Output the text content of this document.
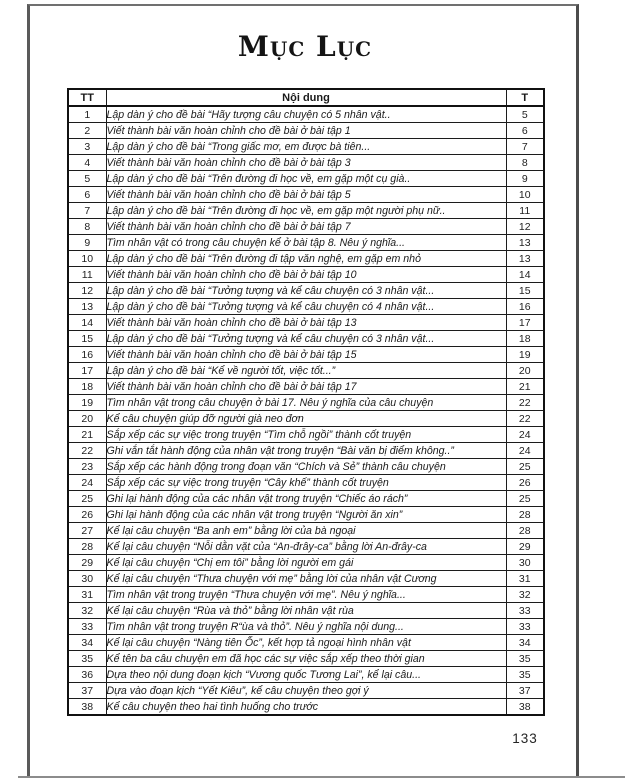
Mục Lục
TT	Nội dung	T
1	Lập dàn ý cho đề bài “Hãy tượng câu chuyện có 5 nhân vật..	5
2	Viết thành bài văn hoàn chỉnh cho đề bài ở bài tập 1	6
3	Lập dàn ý cho đề bài “Trong giấc mơ, em được bà tiên...	7
4	Viết thành bài văn hoàn chỉnh cho đề bài ở bài tập 3	8
5	Lập dàn ý cho đề bài “Trên đường đi học về, em gặp một cụ già..	9
6	Viết thành bài văn hoàn chỉnh cho đề bài ở bài tập 5	10
7	Lập dàn ý cho đề bài “Trên đường đi học về, em gặp một người phụ nữ..	11
8	Viết thành bài văn hoàn chỉnh cho đề bài ở bài tập 7	12
9	Tìm nhân vật có trong câu chuyện kể ở bài tập 8. Nêu ý nghĩa...	13
10	Lập dàn ý cho đề bài “Trên đường đi tập văn nghệ, em gặp em nhỏ	13
11	Viết thành bài văn hoàn chỉnh cho đề bài ở bài tập 10	14
12	Lập dàn ý cho đề bài “Tưởng tượng và kể câu chuyện có 3 nhân vật...	15
13	Lập dàn ý cho đề bài “Tưởng tượng và kể câu chuyện có 4 nhân vật...	16
14	Viết thành bài văn hoàn chỉnh cho đề bài ở bài tập 13	17
15	Lập dàn ý cho đề bài “Tưởng tượng và kể câu chuyện có 3 nhân vật...	18
16	Viết thành bài văn hoàn chỉnh cho đề bài ở bài tập 15	19
17	Lập dàn ý cho đề bài “Kể về người tốt, việc tốt...”	20
18	Viết thành bài văn hoàn chỉnh cho đề bài ở bài tập 17	21
19	Tìm nhân vật trong câu chuyện ở bài 17. Nêu ý nghĩa của câu chuyện	22
20	Kể câu chuyện giúp đỡ người già neo đơn	22
21	Sắp xếp các sự việc trong truyện “Tìm chỗ ngồi” thành cốt truyện	24
22	Ghi vắn tắt hành động của nhân vật trong truyện “Bài văn bị điểm không..”	24
23	Sắp xếp các hành động trong đoạn văn “Chích và Sẻ” thành câu chuyện	25
24	Sắp xếp các sự việc trong truyện “Cây khế” thành cốt truyện	26
25	Ghi lại hành động của các nhân vật trong truyện “Chiếc áo rách”	25
26	Ghi lại hành động của các nhân vật trong truyện “Người ăn xin”	28
27	Kể lại câu chuyện “Ba anh em” bằng lời của bà ngoại	28
28	Kể lại câu chuyện “Nỗi dằn vặt của “An-đrây-ca” bằng lời An-đrây-ca	29
29	Kể lại câu chuyện “Chị em tôi” bằng lời người em gái	30
30	Kể lại câu chuyện “Thưa chuyện với mẹ” bằng lời của nhân vật Cương	31
31	Tìm nhân vật trong truyện “Thưa chuyện với mẹ”. Nêu ý nghĩa...	32
32	Kể lại câu chuyện “Rùa và thỏ” bằng lời nhân vật rùa	33
33	Tìm nhân vật trong truyện R“ùa và thỏ”. Nêu ý nghĩa nội dung...	33
34	Kể lại câu chuyện “Nàng tiên Ốc”, kết hợp tả ngoại hình nhân vật	34
35	Kể tên ba câu chuyện em đã học các sự việc sắp xếp theo thời gian	35
36	Dựa theo nội dung đoạn kịch “Vương quốc Tương Lai”, kể lại câu...	35
37	Dựa vào đoạn kịch “Yết Kiêu”, kể câu chuyện theo gợi ý	37
38	Kể câu chuyện theo hai tình huống cho trước	38
133
